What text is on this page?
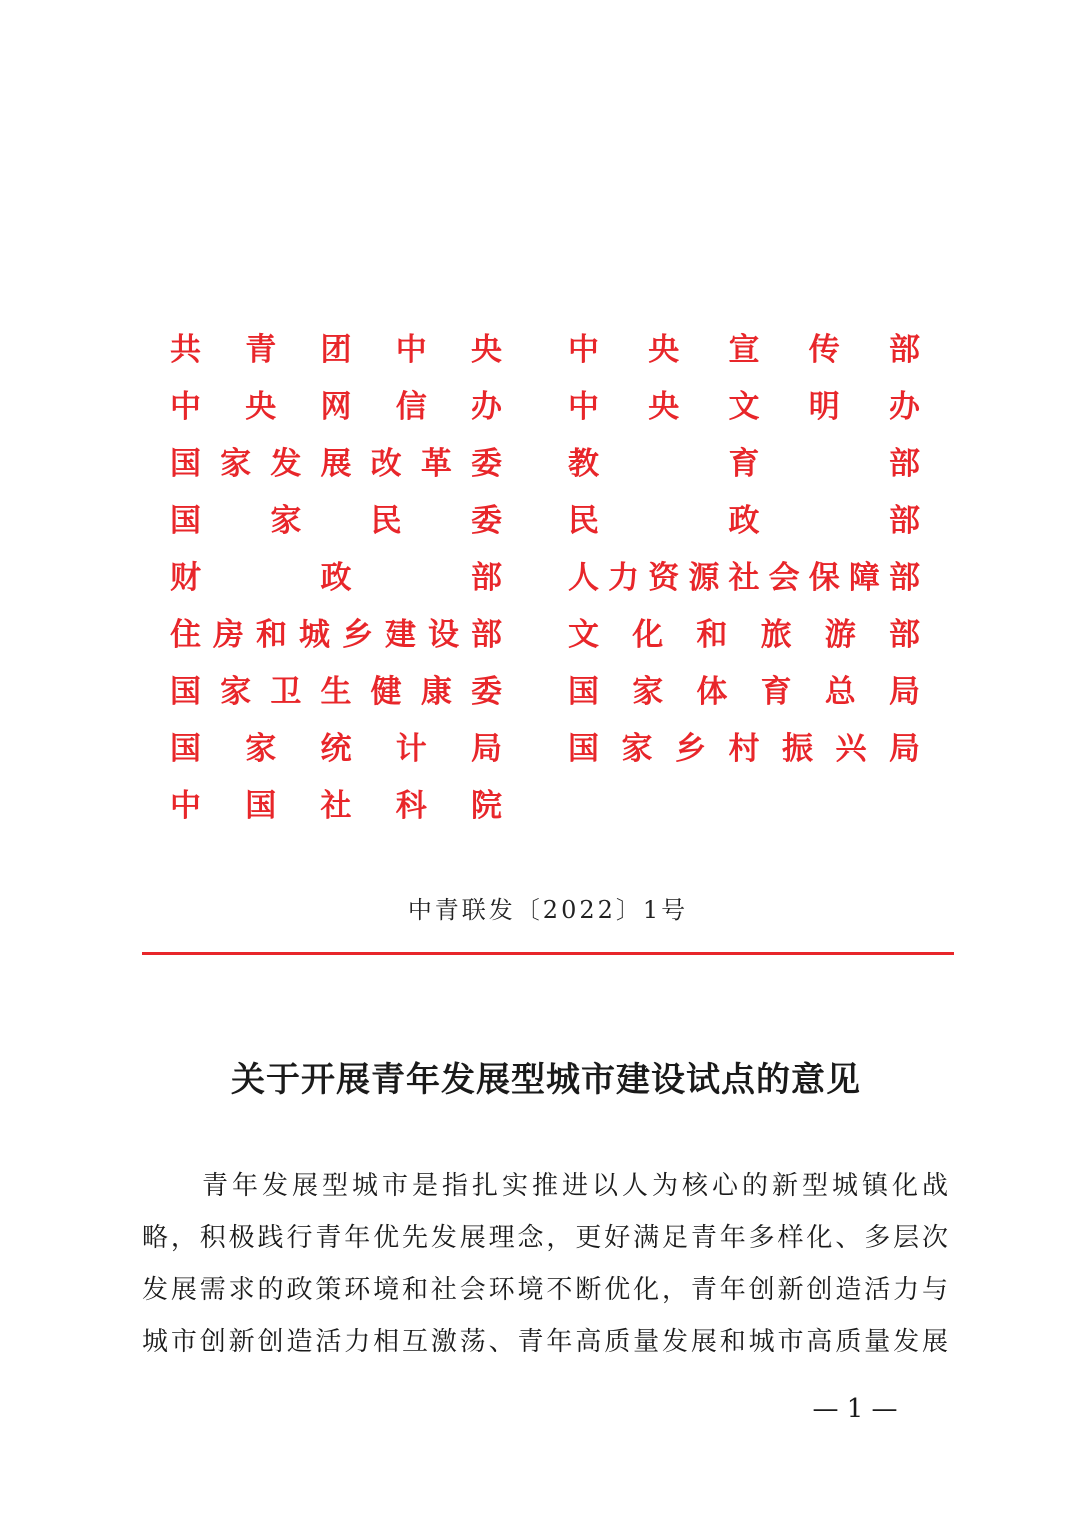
共青团中央 中央宣传部
中央网信办 中央文明办
国家发展改革委 教育部
国家民委 民政部
财政部 人力资源社会保障部
住房和城乡建设部 文化和旅游部
国家卫生健康委 国家体育总局
国家统计局 国家乡村振兴局
中国社科院
中青联发〔2022〕1号
关于开展青年发展型城市建设试点的意见
青年发展型城市是指扎实推进以人为核心的新型城镇化战
略，积极践行青年优先发展理念，更好满足青年多样化、多层次
发展需求的政策环境和社会环境不断优化，青年创新创造活力与
城市创新创造活力相互激荡、青年高质量发展和城市高质量发展
— 1 —
